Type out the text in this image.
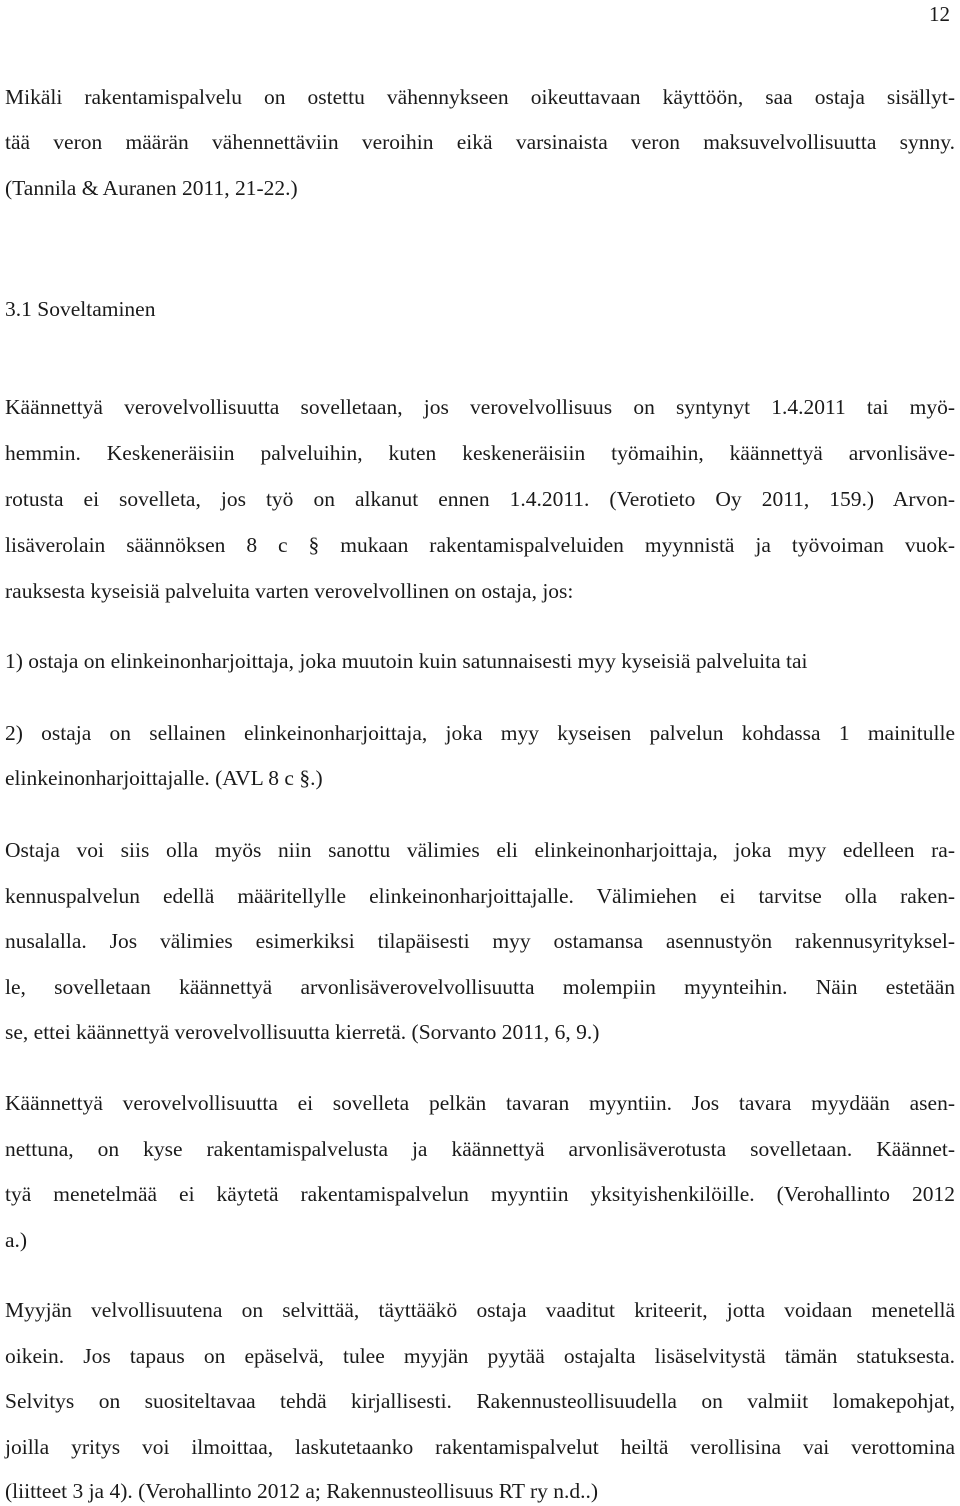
12
Mikäli rakentamispalvelu on ostettu vähennykseen oikeuttavaan käyttöön, saa ostaja sisällyt-
tää veron määrän vähennettäviin veroihin eikä varsinaista veron maksuvelvollisuutta synny.
(Tannila & Auranen 2011, 21-22.)
3.1 Soveltaminen
Käännettyä verovelvollisuutta sovelletaan, jos verovelvollisuus on syntynyt 1.4.2011 tai myö-
hemmin. Keskeneräisiin palveluihin, kuten keskeneräisiin työmaihin, käännettyä arvonlisäve-
rotusta ei sovelleta, jos työ on alkanut ennen 1.4.2011. (Verotieto Oy 2011, 159.) Arvon-
lisäverolain säännöksen 8 c § mukaan rakentamispalveluiden myynnistä ja työvoiman vuok-
rauksesta kyseisiä palveluita varten verovelvollinen on ostaja, jos:
1) ostaja on elinkeinonharjoittaja, joka muutoin kuin satunnaisesti myy kyseisiä palveluita tai
2) ostaja on sellainen elinkeinonharjoittaja, joka myy kyseisen palvelun kohdassa 1 mainitulle
elinkeinonharjoittajalle. (AVL 8 c §.)
Ostaja voi siis olla myös niin sanottu välimies eli elinkeinonharjoittaja, joka myy edelleen ra-
kennuspalvelun edellä määritellylle elinkeinonharjoittajalle. Välimiehen ei tarvitse olla raken-
nusalalla. Jos välimies esimerkiksi tilapäisesti myy ostamansa asennustyön rakennusyrityksel-
le, sovelletaan käännettyä arvonlisäverovelvollisuutta molempiin myynteihin. Näin estetään
se, ettei käännettyä verovelvollisuutta kierretä. (Sorvanto 2011, 6, 9.)
Käännettyä verovelvollisuutta ei sovelleta pelkän tavaran myyntiin. Jos tavara myydään asen-
nettuna, on kyse rakentamispalvelusta ja käännettyä arvonlisäverotusta sovelletaan. Käännet-
tyä menetelmää ei käytetä rakentamispalvelun myyntiin yksityishenkilöille. (Verohallinto 2012
a.)
Myyjän velvollisuutena on selvittää, täyttääkö ostaja vaaditut kriteerit, jotta voidaan menetellä
oikein. Jos tapaus on epäselvä, tulee myyjän pyytää ostajalta lisäselvitystä tämän statuksesta.
Selvitys on suositeltavaa tehdä kirjallisesti. Rakennusteollisuudella on valmiit lomakepohjat,
joilla yritys voi ilmoittaa, laskutetaanko rakentamispalvelut heiltä verollisina vai verottomina
(liitteet 3 ja 4). (Verohallinto 2012 a; Rakennusteollisuus RT ry n.d..)
